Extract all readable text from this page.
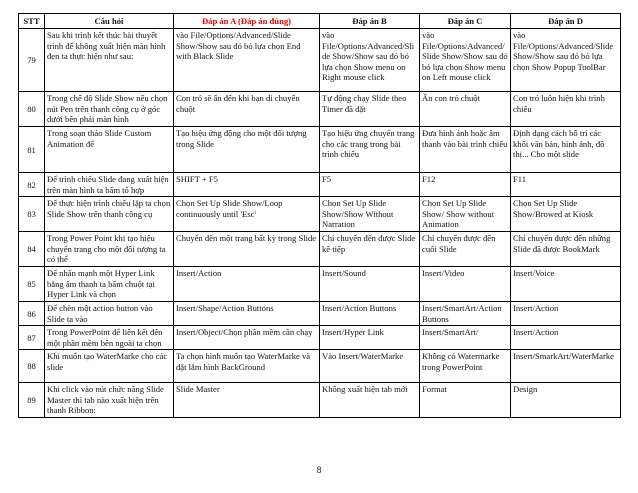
STT	Câu hỏi	Đáp án A (Đáp án đúng)	Đáp án B	Đáp án C	Đáp án D
79	Sau khi trình kết thúc bài thuyết trình để không xuất hiện màn hình đen ta thực hiện như sau:	vào File/Options/Advanced/Slide Show/Show sau đó bỏ lựa chọn End with Black Slide	vào File/Options/Advanced/Slide Show/Show sau đó bỏ lựa chọn Show menu on Right mouse click	vào File/Options/Advanced/Slide Show/Show sau đó bỏ lựa chọn Show menu on Left mouse click	vào File/Options/Advanced/Slide Show/Show sau đó bỏ lựa chọn Show Popup ToolBar
80	Trong chế độ Slide Show nếu chọn nút Pen trên thanh công cụ ở góc dưới bên phải màn hình	Con trỏ sẽ ẩn đến khi bạn di chuyển chuột	Tự động chạy Slide theo Timer đã đặt	Ẩn con trỏ chuột	Con trỏ luôn hiện khi trình chiếu
81	Trong soạn thảo Slide Custom Animation để	Tạo hiệu ứng động cho một đối tượng trong Slide	Tạo hiệu ứng chuyển trang cho các trang trong bài trình chiếu	Đưa hình ảnh hoặc âm thanh vào bài trình chiếu	Định dạng cách bố trí các khối văn bản, hình ảnh, đồ thị... Cho một slide
82	Để trình chiếu Slide đang xuất hiện trên màn hình ta bấm tổ hợp	SHIFT + F5	F5	F12	F11
83	Để thực hiện trình chiếu lặp ta chọn Slide Show trên thanh công cụ	Chọn Set Up Slide Show/Loop continuously until 'Esc'	Chọn Set Up Slide Show/Show Without Narration	Chọn Set Up Slide Show/ Show without Animation	Chọn Set Up Slide Show/Browed at Kiosk
84	Trong Power Point khi tạo hiệu chuyển trang cho một đối tượng ta có thể	Chuyển đến một trang bất kỳ trong Slide	Chỉ chuyển đến được Slide kế tiếp	Chỉ chuyển được đến cuối Slide	Chỉ chuyển được đến những Slide đã được BookMark
85	Để nhấn mạnh một Hyper Link bằng âm thanh ta bấm chuột tại Hyper Link và chọn	Insert/Action	Insert/Sound	Insert/Video	Insert/Voice
86	Để chèn một action button vào Slide ta vào	Insert/Shape/Action Buttons	Insert/Action Buttons	Insert/SmartArt/Action Buttons	Insert/Action
87	Trong PowerPoint để liên kết đến một phần mềm bên ngoài ta chọn	Insert/Object/Chọn phần mềm cần chạy	Insert/Hyper Link	Insert/SmartArt/	Insert/Action
88	Khi muốn tạo WaterMarke cho các slide	Ta chọn hình muốn tạo WaterMarke và đặt lắm hình BackGround	Vào Insert/WaterMarke	Không có Watermarke trong PowerPoint	Insert/SmarkArt/WaterMarke
89	Khi click vào nút chức năng Slide Master thì tab nào xuất hiện trên thanh Ribbon:	Slide Master	Không xuất hiện tab mới	Format	Design
8
